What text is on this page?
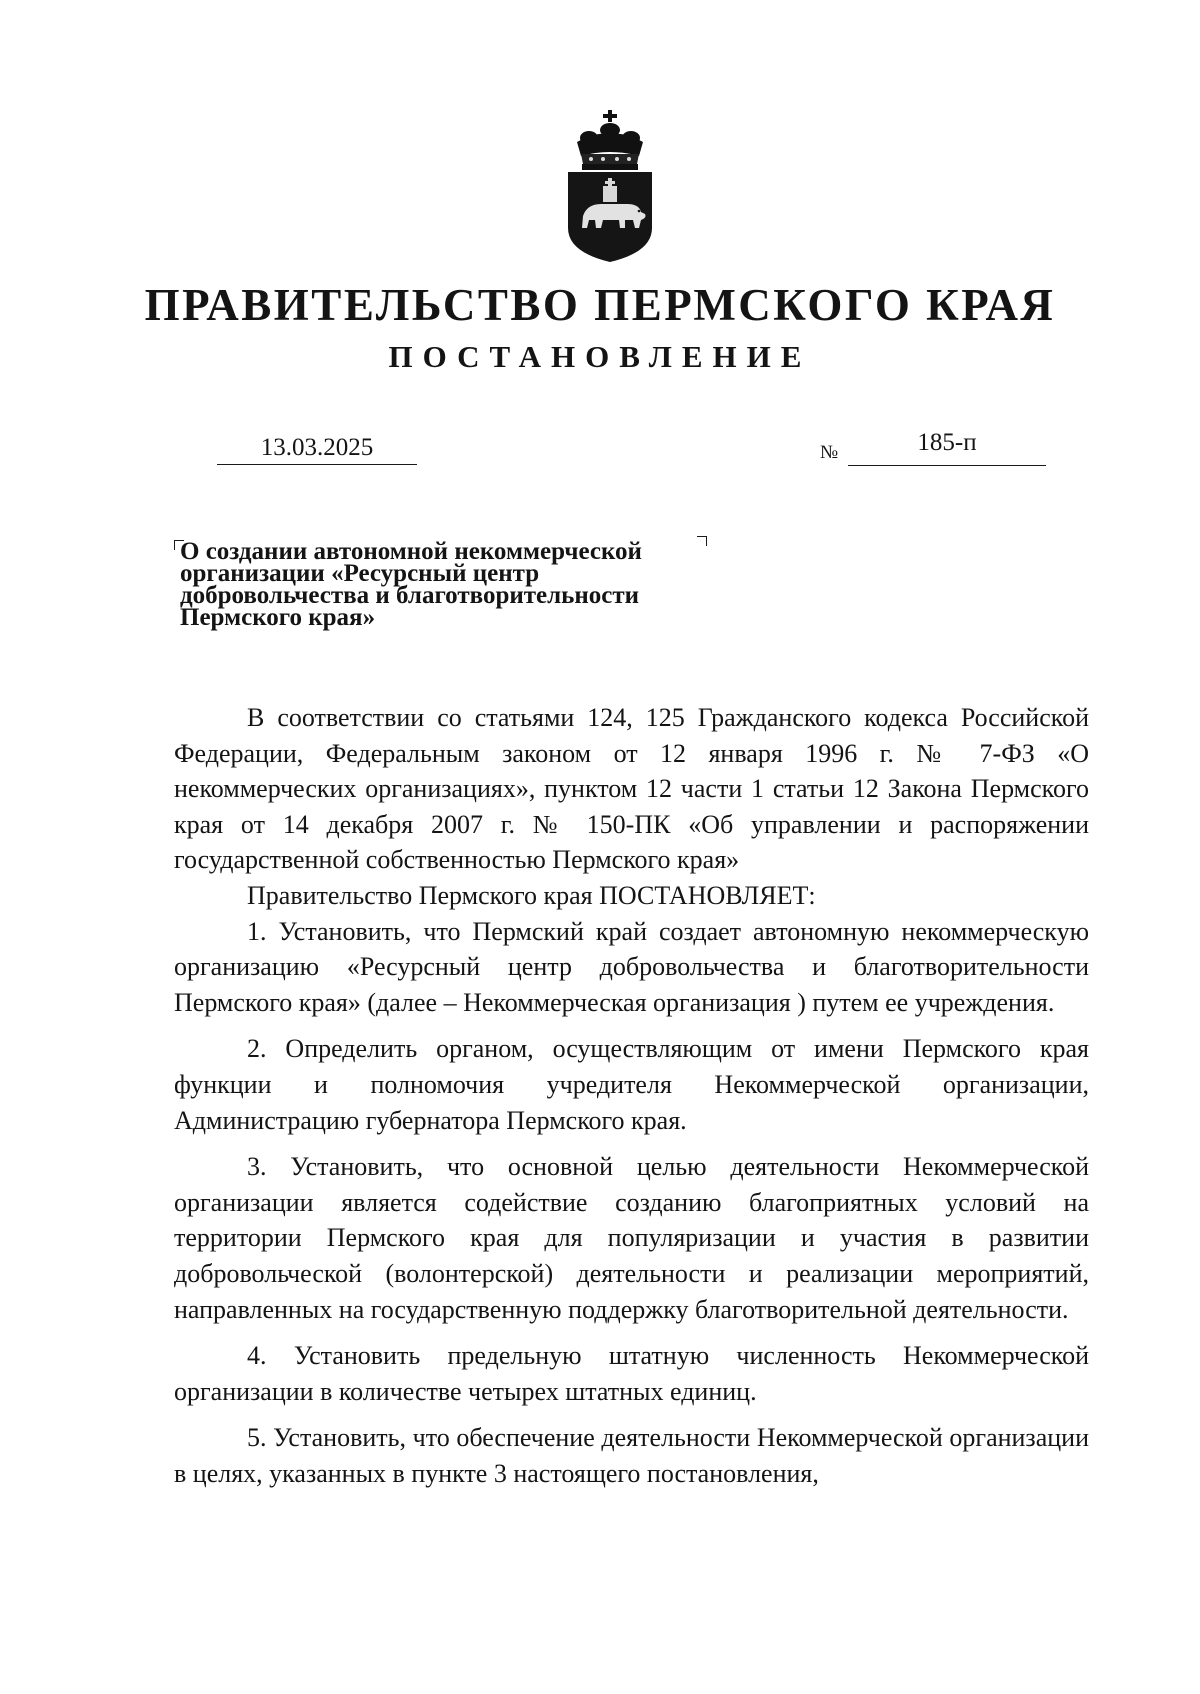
ПРАВИТЕЛЬСТВО ПЕРМСКОГО КРАЯ
ПОСТАНОВЛЕНИЕ
13.03.2025	№	185-п
О создании автономной некоммерческой
организации «Ресурсный центр
добровольчества и благотворительности
Пермского края»

В соответствии со статьями 124, 125 Гражданского кодекса Российской Федерации, Федеральным законом от 12 января 1996 г. № 7-ФЗ «О некоммерческих организациях», пунктом 12 части 1 статьи 12 Закона Пермского края от 14 декабря 2007 г. № 150-ПК «Об управлении и распоряжении государственной собственностью Пермского края»

Правительство Пермского края ПОСТАНОВЛЯЕТ:

1. Установить, что Пермский край создает автономную некоммерческую организацию «Ресурсный центр добровольчества и благотворительности Пермского края» (далее – Некоммерческая организация ) путем ее учреждения.

2. Определить органом, осуществляющим от имени Пермского края функции и полномочия учредителя Некоммерческой организации, Администрацию губернатора Пермского края.

3. Установить, что основной целью деятельности Некоммерческой организации является содействие созданию благоприятных условий на территории Пермского края для популяризации и участия в развитии добровольческой (волонтерской) деятельности и реализации мероприятий, направленных на государственную поддержку благотворительной деятельности.

4. Установить предельную штатную численность Некоммерческой организации в количестве четырех штатных единиц.

5. Установить, что обеспечение деятельности Некоммерческой организации в целях, указанных в пункте 3 настоящего постановления,
